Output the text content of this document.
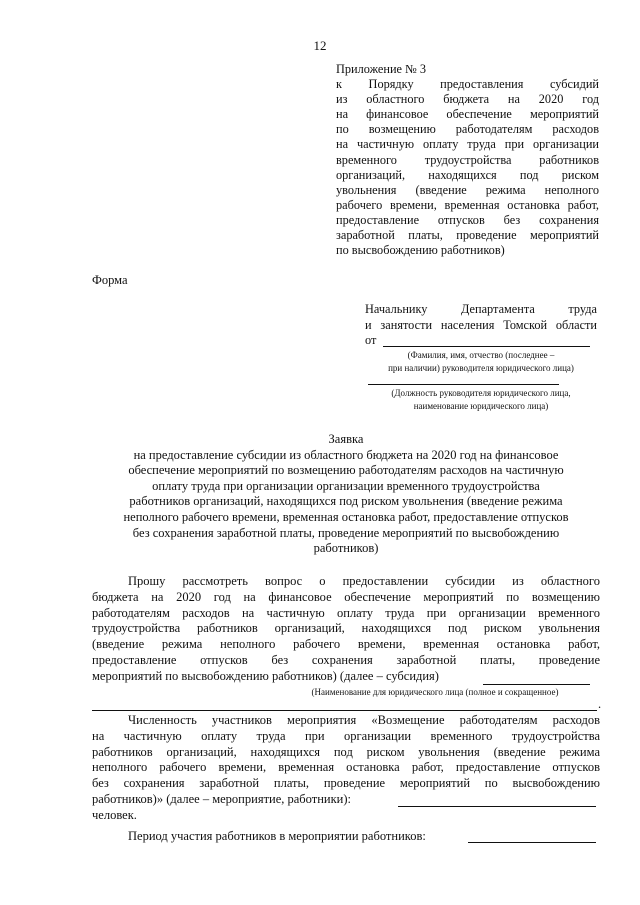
12
Приложение № 3
к Порядку предоставления субсидий
из областного бюджета на 2020 год
на финансовое обеспечение мероприятий
по возмещению работодателям расходов
на частичную оплату труда при организации
временного трудоустройства работников
организаций, находящихся под риском
увольнения (введение режима неполного
рабочего времени, временная остановка работ,
предоставление отпусков без сохранения
заработной платы, проведение мероприятий
по высвобождению работников)
Форма
Начальнику Департамента труда
и занятости населения Томской области
от
(Фамилия, имя, отчество (последнее –
при наличии) руководителя юридического лица)
(Должность руководителя юридического лица,
наименование юридического лица)
Заявка
на предоставление субсидии из областного бюджета на 2020 год на финансовое
обеспечение мероприятий по возмещению работодателям расходов на частичную
оплату труда при организации организации временного трудоустройства
работников организаций, находящихся под риском увольнения (введение режима
неполного рабочего времени, временная остановка работ, предоставление отпусков
без сохранения заработной платы, проведение мероприятий по высвобождению
работников)
Прошу рассмотреть вопрос о предоставлении субсидии из областного
бюджета на 2020 год на финансовое обеспечение мероприятий по возмещению
работодателям расходов на частичную оплату труда при организации временного
трудоустройства работников организаций, находящихся под риском увольнения
(введение режима неполного рабочего времени, временная остановка работ,
предоставление отпусков без сохранения заработной платы, проведение
мероприятий по высвобождению работников) (далее – субсидия)
(Наименование для юридического лица (полное и сокращенное)
.
Численность участников мероприятия «Возмещение работодателям расходов
на частичную оплату труда при организации временного трудоустройства
работников организаций, находящихся под риском увольнения (введение режима
неполного рабочего времени, временная остановка работ, предоставление отпусков
без сохранения заработной платы, проведение мероприятий по высвобождению
работников)» (далее – мероприятие, работники):
человек.
Период участия работников в мероприятии работников:
